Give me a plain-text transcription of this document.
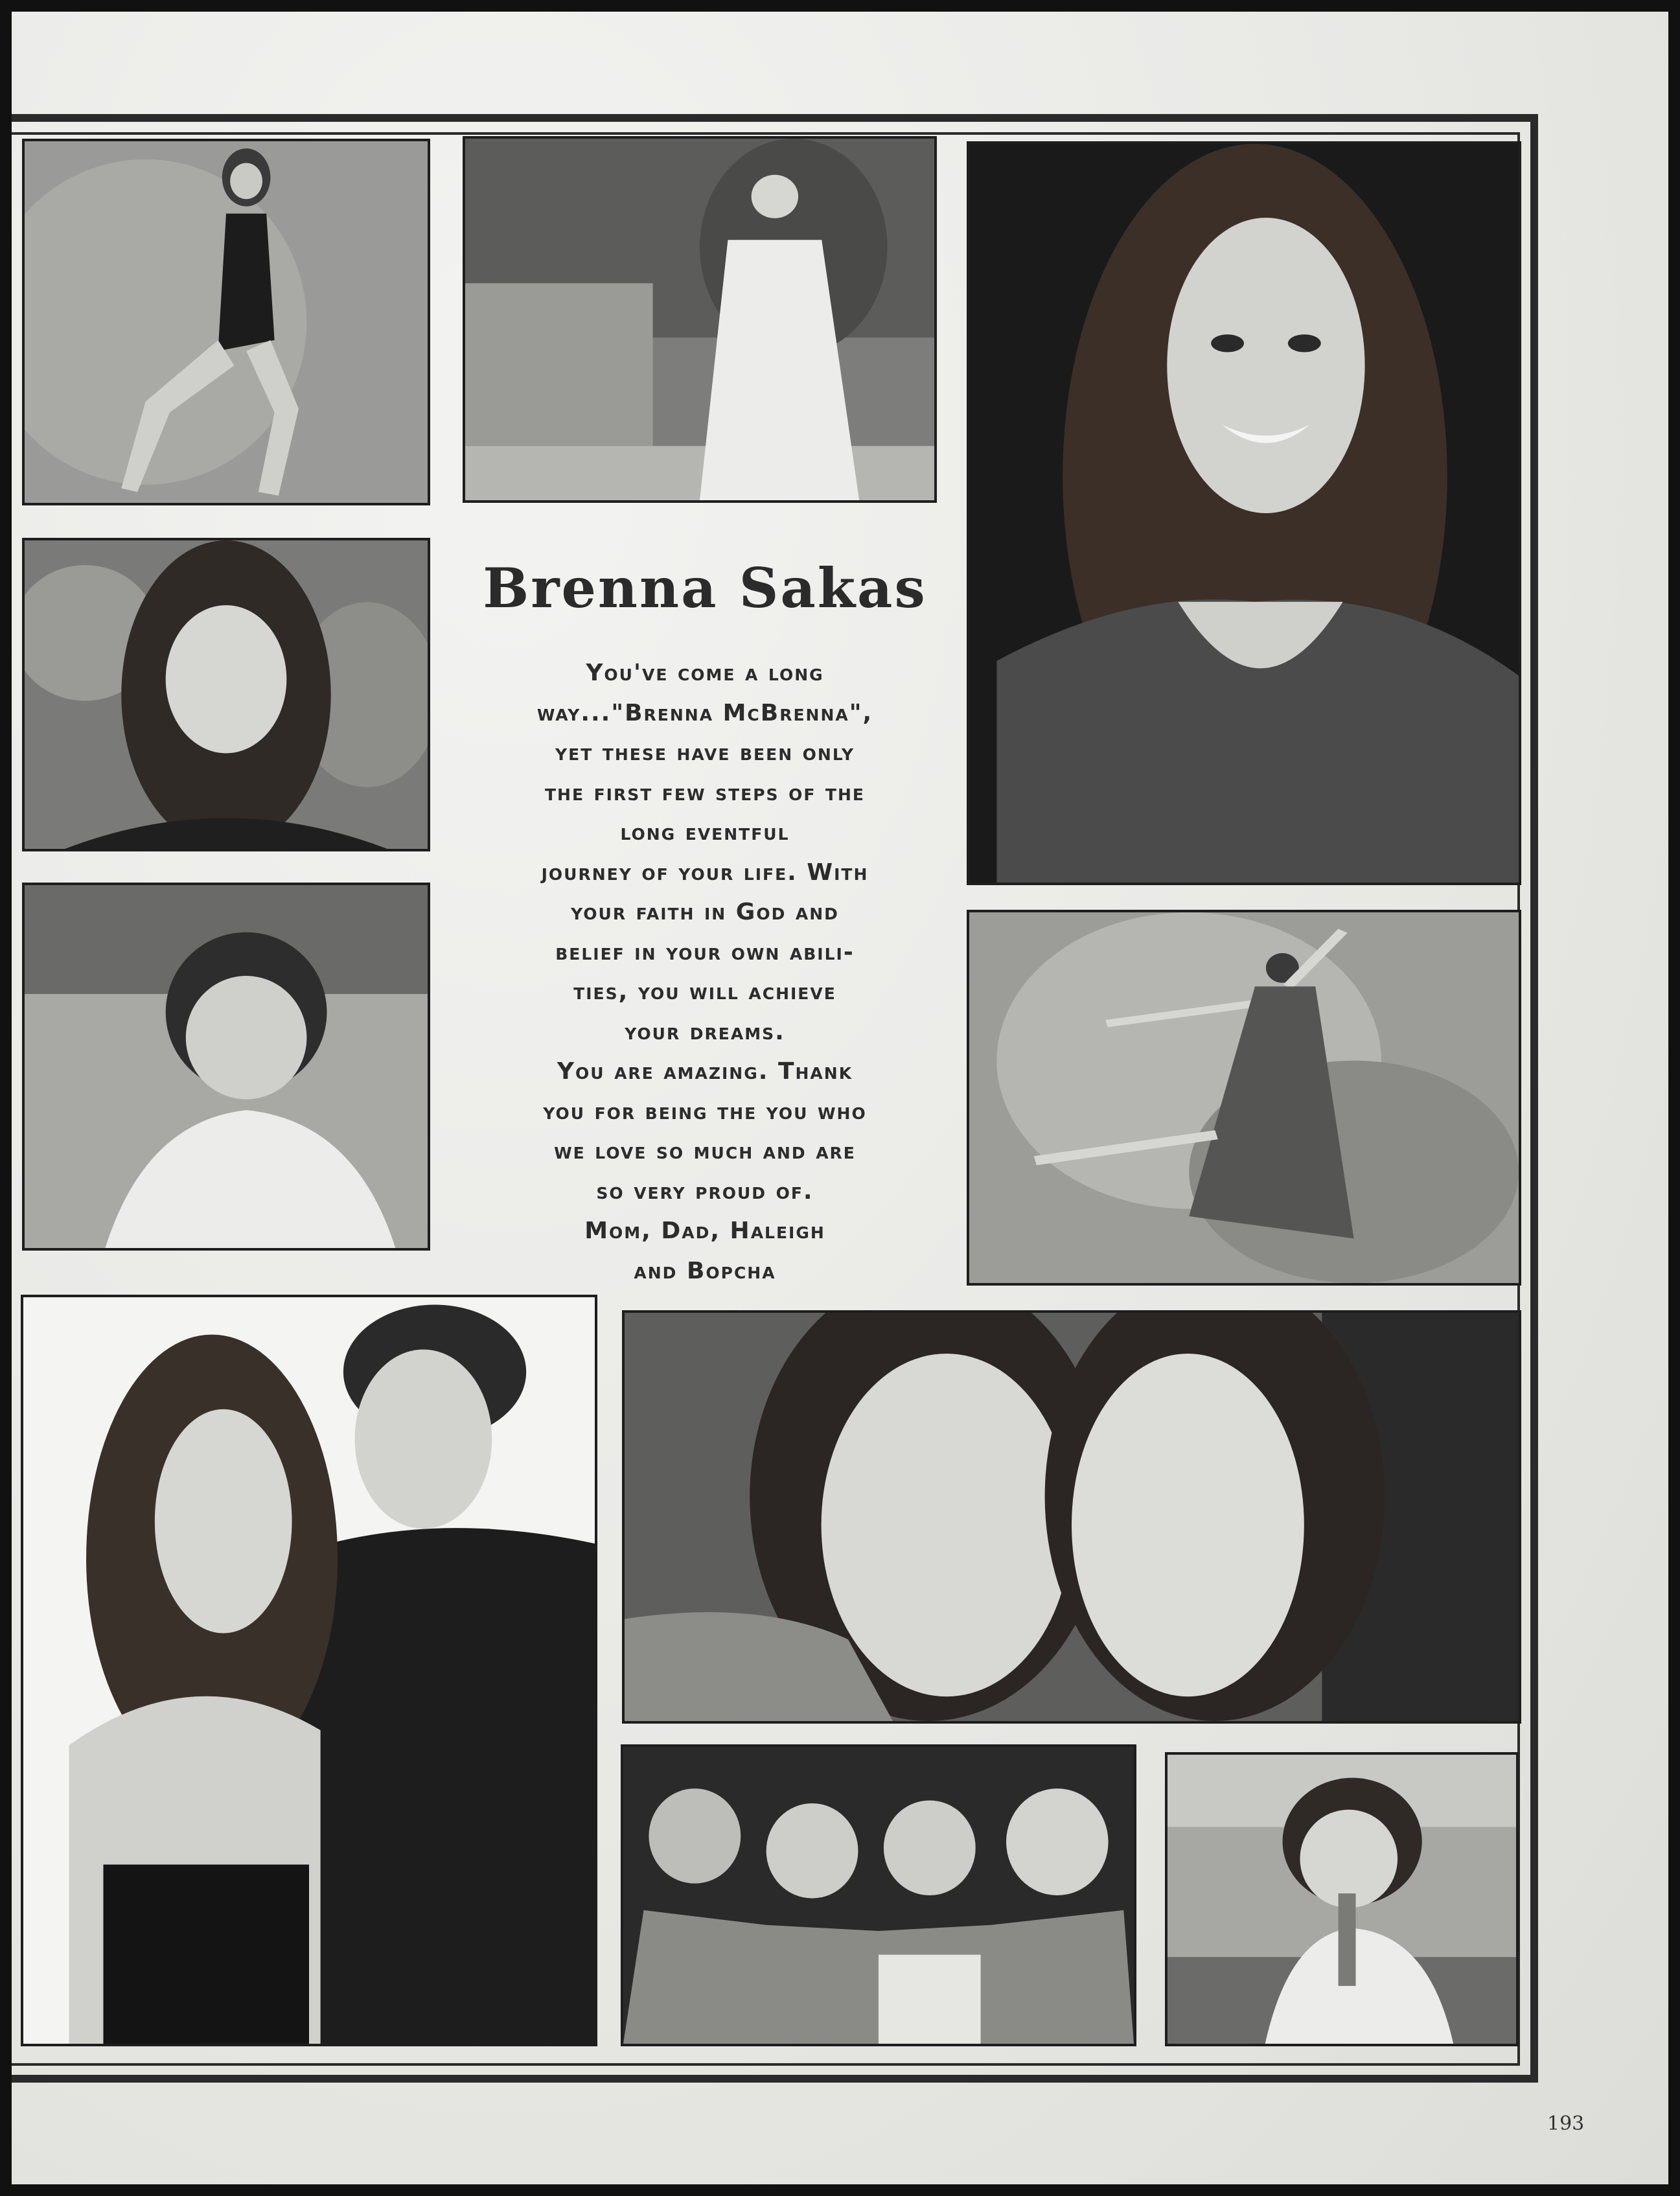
Brenna Sakas
You've come a long
way..."Brenna McBrenna",
yet these have been only
the first few steps of the
long eventful
journey of your life. With
your faith in God and
belief in your own abili-
ties, you will achieve
your dreams.
You are amazing. Thank
you for being the you who
we love so much and are
so very proud of.
Mom, Dad, Haleigh
and Bopcha
193
